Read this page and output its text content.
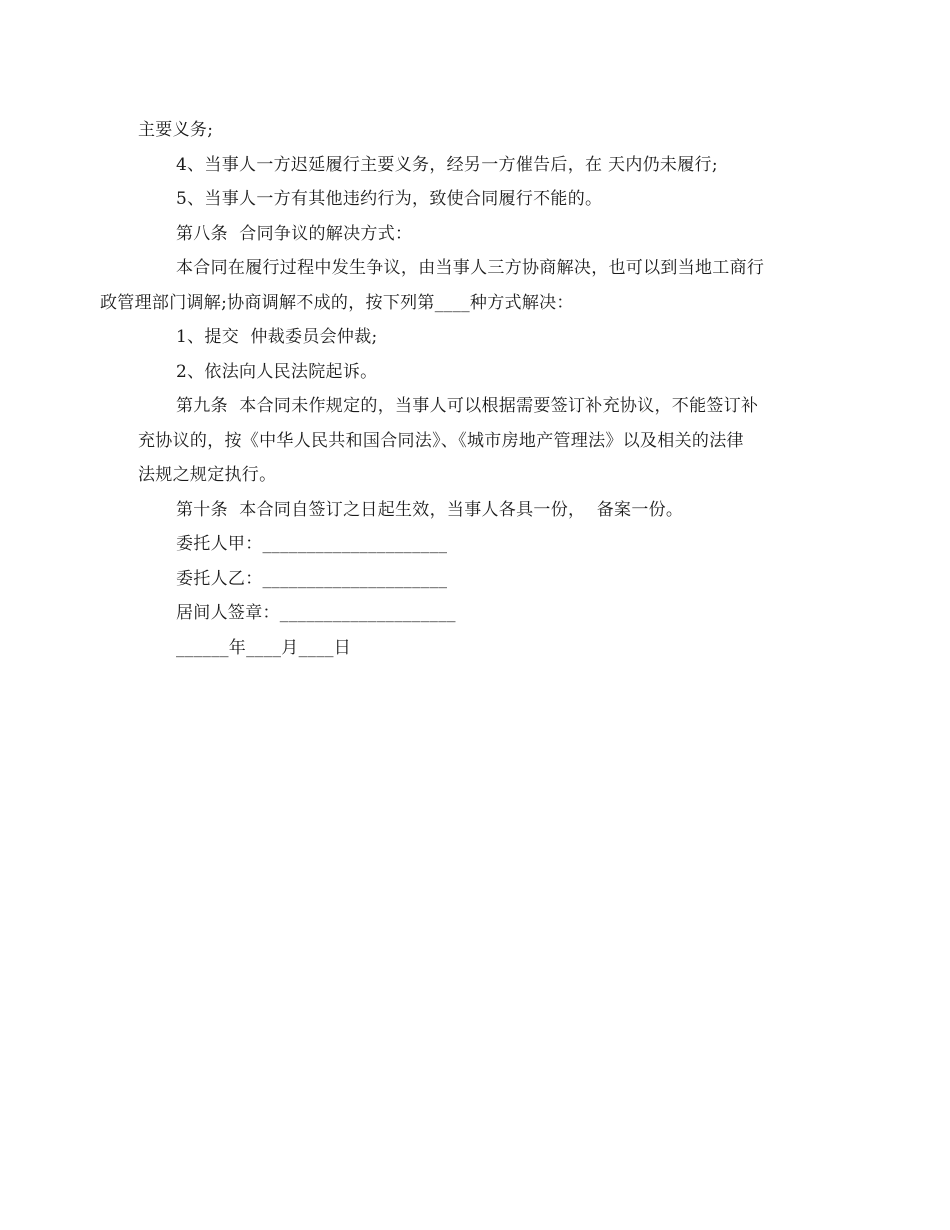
主要义务;

4、当事人一方迟延履行主要义务，经另一方催告后，在 天内仍未履行;

5、当事人一方有其他违约行为，致使合同履行不能的。

第八条  合同争议的解决方式：

本合同在履行过程中发生争议，由当事人三方协商解决，也可以到当地工商行
政管理部门调解;协商调解不成的，按下列第____种方式解决：

1、提交  仲裁委员会仲裁;

2、依法向人民法院起诉。

第九条  本合同未作规定的，当事人可以根据需要签订补充协议，不能签订补
充协议的，按《中华人民共和国合同法》、《城市房地产管理法》以及相关的法律
法规之规定执行。

第十条  本合同自签订之日起生效，当事人各具一份，  备案一份。

委托人甲：_____________________

委托人乙：_____________________

居间人签章：____________________

______年____月____日
